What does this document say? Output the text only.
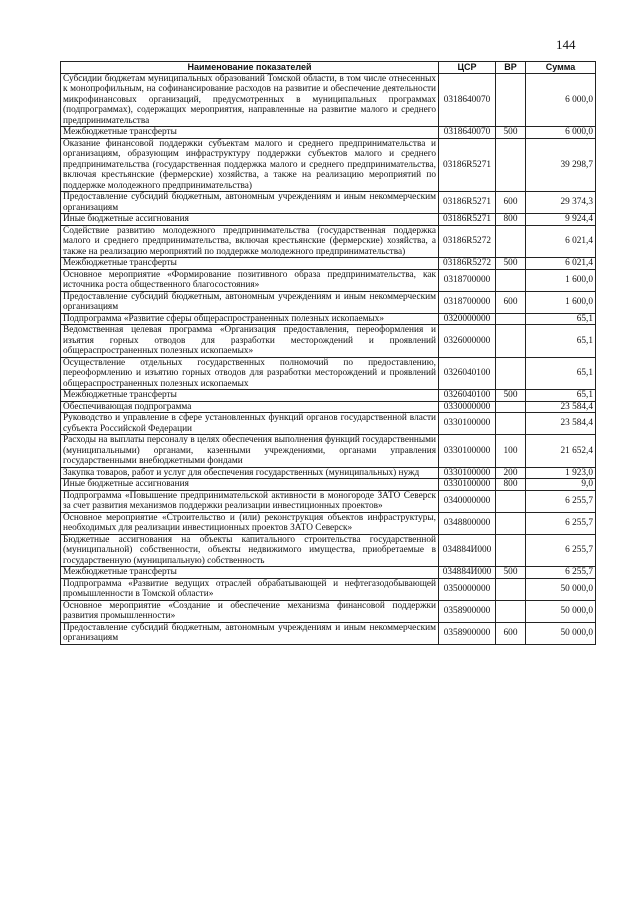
144
Наименование показателей	ЦСР	ВР	Сумма
Субсидии бюджетам муниципальных образований Томской области, в том числе отнесенных к монопрофильным, на софинансирование расходов на развитие и обеспечение деятельности микрофинансовых организаций, предусмотренных в муниципальных программах (подпрограммах), содержащих мероприятия, направленные на развитие малого и среднего предпринимательства	0318640070		6 000,0
Межбюджетные трансферты	0318640070	500	6 000,0
Оказание финансовой поддержки субъектам малого и среднего предпринимательства и организациям, образующим инфраструктуру поддержки субъектов малого и среднего предпринимательства (государственная поддержка малого и среднего предпринимательства, включая крестьянские (фермерские) хозяйства, а также на реализацию мероприятий по поддержке молодежного предпринимательства)	03186R5271		39 298,7
Предоставление субсидий бюджетным, автономным учреждениям и иным некоммерческим организациям	03186R5271	600	29 374,3
Иные бюджетные ассигнования	03186R5271	800	9 924,4
Содействие развитию молодежного предпринимательства (государственная поддержка малого и среднего предпринимательства, включая крестьянские (фермерские) хозяйства, а также на реализацию мероприятий по поддержке молодежного предпринимательства)	03186R5272		6 021,4
Межбюджетные трансферты	03186R5272	500	6 021,4
Основное мероприятие «Формирование позитивного образа предпринимательства, как источника роста общественного благосостояния»	0318700000		1 600,0
Предоставление субсидий бюджетным, автономным учреждениям и иным некоммерческим организациям	0318700000	600	1 600,0
Подпрограмма «Развитие сферы общераспространенных полезных ископаемых»	0320000000		65,1
Ведомственная целевая программа «Организация предоставления, переоформления и изъятия горных отводов для разработки месторождений и проявлений общераспространенных полезных ископаемых»	0326000000		65,1
Осуществление отдельных государственных полномочий по предоставлению, переоформлению и изъятию горных отводов для разработки месторождений и проявлений общераспространенных полезных ископаемых	0326040100		65,1
Межбюджетные трансферты	0326040100	500	65,1
Обеспечивающая подпрограмма	0330000000		23 584,4
Руководство и управление в сфере установленных функций органов государственной власти субъекта Российской Федерации	0330100000		23 584,4
Расходы на выплаты персоналу в целях обеспечения выполнения функций государственными (муниципальными) органами, казенными учреждениями, органами управления государственными внебюджетными фондами	0330100000	100	21 652,4
Закупка товаров, работ и услуг для обеспечения государственных (муниципальных) нужд	0330100000	200	1 923,0
Иные бюджетные ассигнования	0330100000	800	9,0
Подпрограмма «Повышение предпринимательской активности в моногороде ЗАТО Северск за счет развития механизмов поддержки реализации инвестиционных проектов»	0340000000		6 255,7
Основное мероприятие «Строительство и (или) реконструкция объектов инфраструктуры, необходимых для реализации инвестиционных проектов ЗАТО Северск»	0348800000		6 255,7
Бюджетные ассигнования на объекты капитального строительства государственной (муниципальной) собственности, объекты недвижимого имущества, приобретаемые в государственную (муниципальную) собственность	034884И000		6 255,7
Межбюджетные трансферты	034884И000	500	6 255,7
Подпрограмма «Развитие ведущих отраслей обрабатывающей и нефтегазодобывающей промышленности в Томской области»	0350000000		50 000,0
Основное мероприятие «Создание и обеспечение механизма финансовой поддержки развития промышленности»	0358900000		50 000,0
Предоставление субсидий бюджетным, автономным учреждениям и иным некоммерческим организациям	0358900000	600	50 000,0
